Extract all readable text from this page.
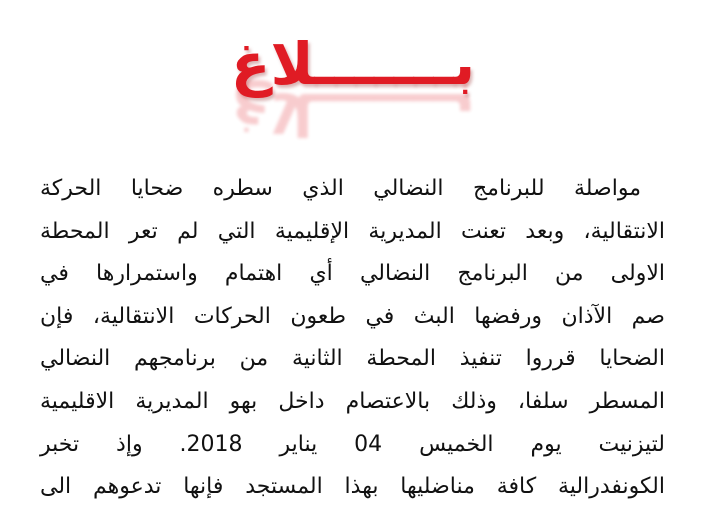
بـــــــلاغ
بـــــــلاغ
مواصلة للبرنامج النضالي الذي سطره ضحايا الحركة
الانتقالية، وبعد تعنت المديرية الإقليمية التي لم تعر المحطة
الاولى من البرنامج النضالي أي اهتمام واستمرارها في
صم الآذان ورفضها البث في طعون الحركات الانتقالية، فإن
الضحايا قرروا تنفيذ المحطة الثانية من برنامجهم النضالي
المسطر سلفا، وذلك بالاعتصام داخل بهو المديرية الاقليمية
لتيزنيت يوم الخميس 04 يناير 2018. وإذ تخبر
الكونفدرالية كافة مناضليها بهذا المستجد فإنها تدعوهم الى
